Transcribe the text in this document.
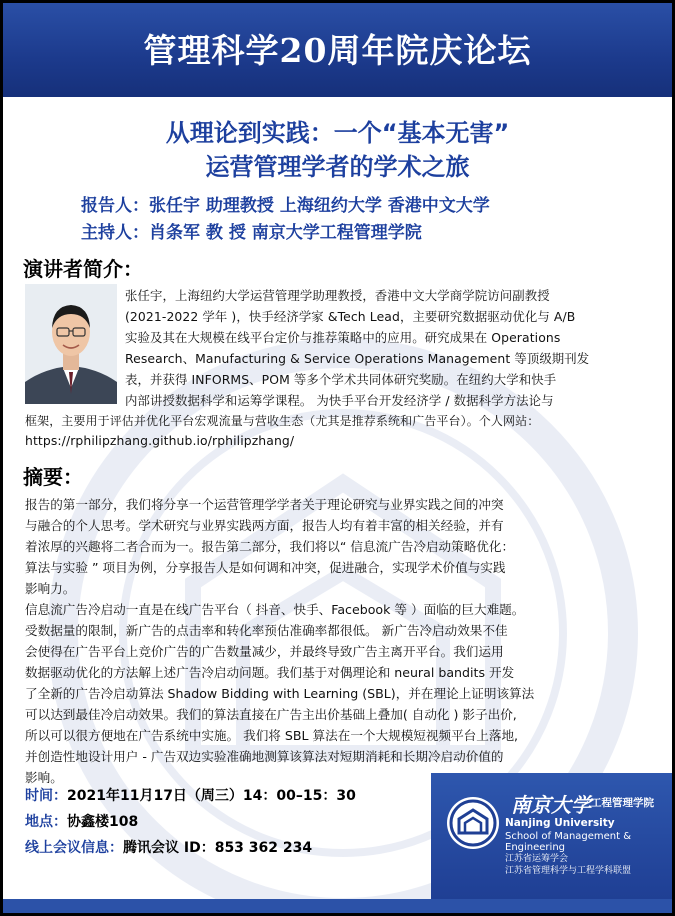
管理科学20周年院庆论坛
从理论到实践：一个“基本无害”
运营管理学者的学术之旅
报告人：张任宇 助理教授 上海纽约大学 香港中文大学
主持人：肖条军 教 授 南京大学工程管理学院
演讲者简介：
张任宇，上海纽约大学运营管理学助理教授，香港中文大学商学院访问副教授
(2021-2022 学年 )，快手经济学家 &Tech Lead，主要研究数据驱动优化与 A/B
实验及其在大规模在线平台定价与推荐策略中的应用。研究成果在 Operations
Research、Manufacturing & Service Operations Management 等顶级期刊发
表，并获得 INFORMS、POM 等多个学术共同体研究奖励。在纽约大学和快手
内部讲授数据科学和运筹学课程。 为快手平台开发经济学 / 数据科学方法论与
框架，主要用于评估并优化平台宏观流量与营收生态（尤其是推荐系统和广告平台）。个人网站：
https://rphilipzhang.github.io/rphilipzhang/
摘要：
报告的第一部分，我们将分享一个运营管理学学者关于理论研究与业界实践之间的冲突
与融合的个人思考。学术研究与业界实践两方面，报告人均有着丰富的相关经验，并有
着浓厚的兴趣将二者合而为一。报告第二部分，我们将以“ 信息流广告冷启动策略优化：
算法与实验 ” 项目为例，分享报告人是如何调和冲突，促进融合，实现学术价值与实践
影响力。
信息流广告冷启动一直是在线广告平台（ 抖音、快手、Facebook 等 ）面临的巨大难题。
受数据量的限制，新广告的点击率和转化率预估准确率都很低。 新广告冷启动效果不佳
会使得在广告平台上竞价广告的广告数量减少，并最终导致广告主离开平台。我们运用
数据驱动优化的方法解上述广告冷启动问题。我们基于对偶理论和 neural bandits 开发
了全新的广告冷启动算法 Shadow Bidding with Learning (SBL)，并在理论上证明该算法
可以达到最佳冷启动效果。我们的算法直接在广告主出价基础上叠加( 自动化 ) 影子出价,
所以可以很方便地在广告系统中实施。 我们将 SBL 算法在一个大规模短视频平台上落地,
并创造性地设计用户 - 广告双边实验准确地测算该算法对短期消耗和长期冷启动价值的
影响。
时间：2021年11月17日（周三）14：00–15：30
地点：协鑫楼108
线上会议信息：腾讯会议 ID：853 362 234
南京大学 工程管理学院
Nanjing University
School of Management & Engineering
江苏省运筹学会
江苏省管理科学与工程学科联盟
